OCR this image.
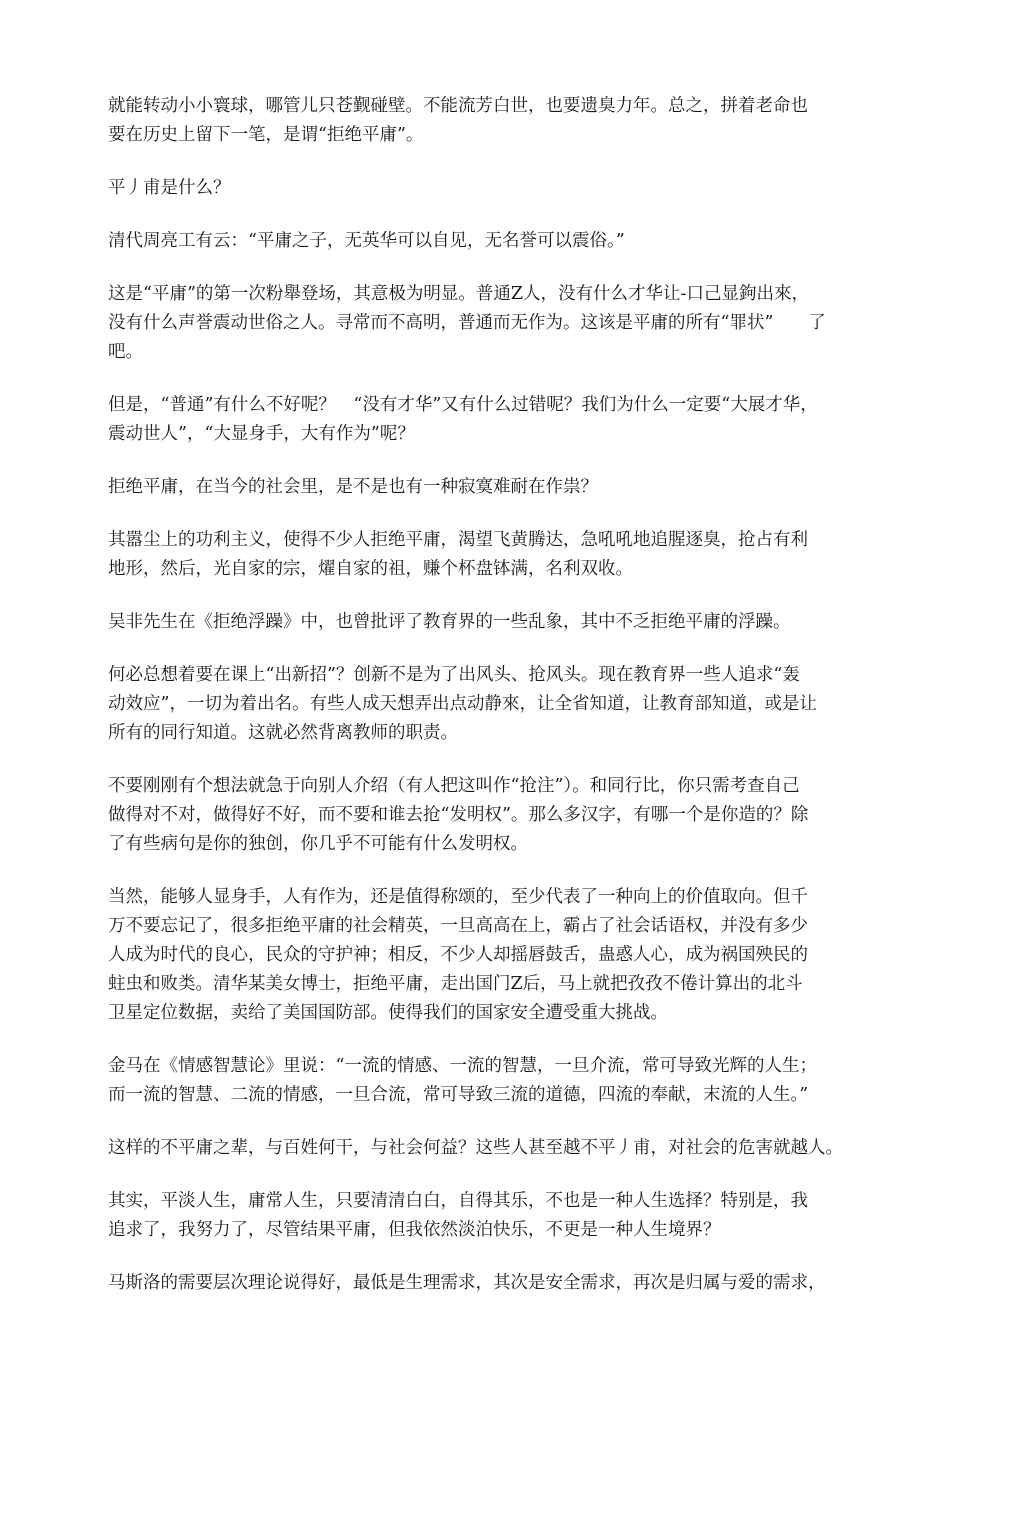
就能转动小小寰球，哪管儿只苍觐碰壁。不能流芳白世，也要遗臭力年。总之，拼着老命也
要在历史上留下一笔，是谓“拒绝平庸”。
平丿甫是什么？
清代周亮工有云：“平庸之子，无英华可以自见，无名誉可以震俗。”
这是“平庸”的第一次粉舉登场，其意极为明显。普通Z人，没有什么才华让-口己显鉤出來，
没有什么声誉震动世俗之人。寻常而不高明，普通而无作为。这该是平庸的所有“罪状”　　了
吧。
但是，“普通”有什么不好呢？　“没有才华”又有什么过错呢？我们为什么一定要“大展才华，
震动世人”，“大显身手，大有作为”呢？
拒绝平庸，在当今的社会里，是不是也有一种寂寞难耐在作祟？
其嚣尘上的功利主义，使得不少人拒绝平庸，渴望飞黄腾达，急吼吼地追腥逐臭，抢占有利
地形，然后，光自家的宗，燿自家的祖，赚个杯盘钵满，名利双收。
吴非先生在《拒绝浮躁》中，也曾批评了教育界的一些乱象，其中不乏拒绝平庸的浮躁。
何必总想着要在课上“出新招”？创新不是为了出风头、抢风头。现在教育界一些人追求“轰
动效应”，一切为着出名。有些人成天想弄出点动静來，让全省知道，让教育部知道，或是让
所有的同行知道。这就必然背离教师的职责。
不要刚刚有个想法就急于向别人介绍（有人把这叫作“抢注”）。和同行比，你只需考查自己
做得对不对，做得好不好，而不要和谁去抢“发明权”。那么多汉字，有哪一个是你造的？除
了有些病句是你的独创，你几乎不可能有什么发明权。
当然，能够人显身手，人有作为，还是值得称颂的，至少代表了一种向上的价值取向。但千
万不要忘记了，很多拒绝平庸的社会精英，一旦高高在上，霸占了社会话语权，并没有多少
人成为时代的良心，民众的守护神；相反，不少人却摇唇鼓舌，蛊惑人心，成为祸国殃民的
蛀虫和败类。清华某美女博士，拒绝平庸，走出国门Z后，马上就把孜孜不倦计算出的北斗
卫星定位数据，卖给了美国国防部。使得我们的国家安全遭受重大挑战。
金马在《情感智慧论》里说：“一流的情感、一流的智慧，一旦介流，常可导致光辉的人生；
而一流的智慧、二流的情感，一旦合流，常可导致三流的道德，四流的奉献，末流的人生。”
这样的不平庸之辈，与百姓何干，与社会何益？这些人甚至越不平丿甫，对社会的危害就越人。
其实，平淡人生，庸常人生，只要清清白白，自得其乐，不也是一种人生选择？特别是，我
追求了，我努力了，尽管结果平庸，但我依然淡泊快乐，不更是一种人生境界？
马斯洛的需要层次理论说得好，最低是生理需求，其次是安全需求，再次是归属与爱的需求，
